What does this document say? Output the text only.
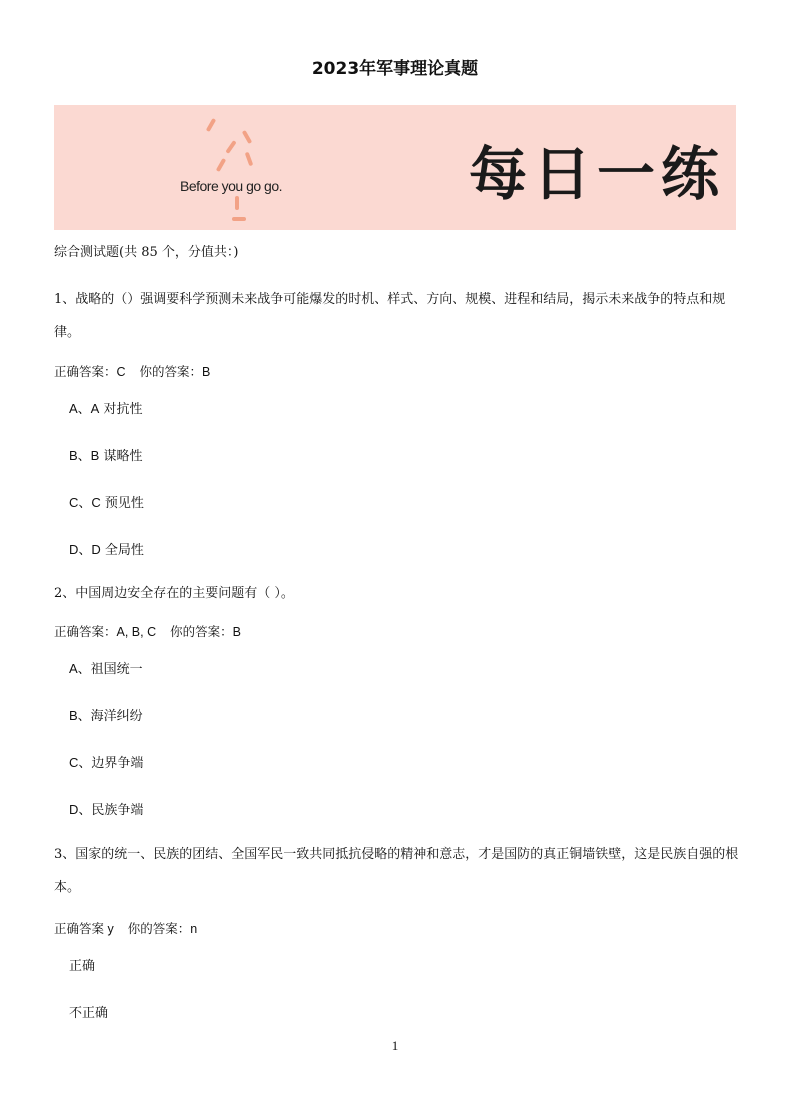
2023年军事理论真题
Before you go go.	每日一练
综合测试题(共 85 个，分值共：)
1、战略的（）强调要科学预测未来战争可能爆发的时机、样式、方向、规模、进程和结局，揭示未来战争的特点和规律。
正确答案：C 你的答案：B
A、A 对抗性
B、B 谋略性
C、C 预见性
D、D 全局性
2、中国周边安全存在的主要问题有（ ）。
正确答案：A, B, C 你的答案：B
A、祖国统一
B、海洋纠纷
C、边界争端
D、民族争端
3、国家的统一、民族的团结、全国军民一致共同抵抗侵略的精神和意志，才是国防的真正铜墙铁壁，这是民族自强的根本。
正确答案 y 你的答案：n
正确
不正确
1
